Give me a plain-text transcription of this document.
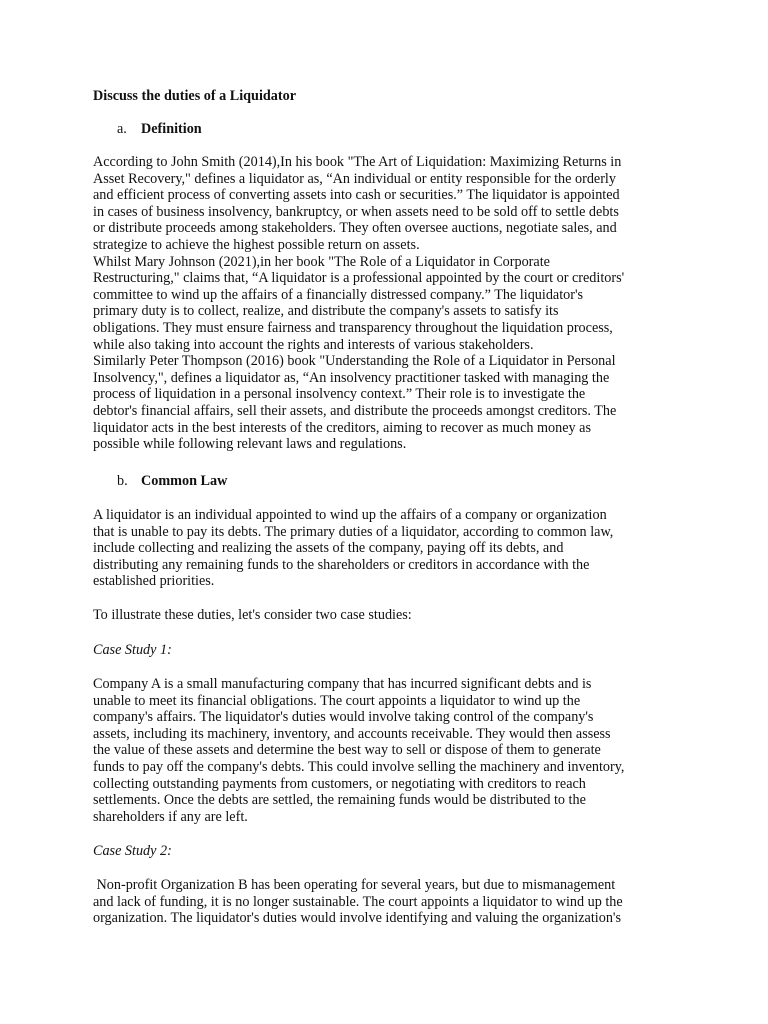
Discuss the duties of a Liquidator
a. Definition
According to John Smith (2014),In his book "The Art of Liquidation: Maximizing Returns in
Asset Recovery," defines a liquidator as, “An individual or entity responsible for the orderly
and efficient process of converting assets into cash or securities.” The liquidator is appointed
in cases of business insolvency, bankruptcy, or when assets need to be sold off to settle debts
or distribute proceeds among stakeholders. They often oversee auctions, negotiate sales, and
strategize to achieve the highest possible return on assets.
Whilst Mary Johnson (2021),in her book "The Role of a Liquidator in Corporate
Restructuring," claims that, “A liquidator is a professional appointed by the court or creditors'
committee to wind up the affairs of a financially distressed company.” The liquidator's
primary duty is to collect, realize, and distribute the company's assets to satisfy its
obligations. They must ensure fairness and transparency throughout the liquidation process,
while also taking into account the rights and interests of various stakeholders.
Similarly Peter Thompson (2016) book "Understanding the Role of a Liquidator in Personal
Insolvency,", defines a liquidator as, “An insolvency practitioner tasked with managing the
process of liquidation in a personal insolvency context.” Their role is to investigate the
debtor's financial affairs, sell their assets, and distribute the proceeds amongst creditors. The
liquidator acts in the best interests of the creditors, aiming to recover as much money as
possible while following relevant laws and regulations.
b. Common Law
A liquidator is an individual appointed to wind up the affairs of a company or organization
that is unable to pay its debts. The primary duties of a liquidator, according to common law,
include collecting and realizing the assets of the company, paying off its debts, and
distributing any remaining funds to the shareholders or creditors in accordance with the
established priorities.
To illustrate these duties, let's consider two case studies:
Case Study 1:
Company A is a small manufacturing company that has incurred significant debts and is
unable to meet its financial obligations. The court appoints a liquidator to wind up the
company's affairs. The liquidator's duties would involve taking control of the company's
assets, including its machinery, inventory, and accounts receivable. They would then assess
the value of these assets and determine the best way to sell or dispose of them to generate
funds to pay off the company's debts. This could involve selling the machinery and inventory,
collecting outstanding payments from customers, or negotiating with creditors to reach
settlements. Once the debts are settled, the remaining funds would be distributed to the
shareholders if any are left.
Case Study 2:
Non-profit Organization B has been operating for several years, but due to mismanagement
and lack of funding, it is no longer sustainable. The court appoints a liquidator to wind up the
organization. The liquidator's duties would involve identifying and valuing the organization's
